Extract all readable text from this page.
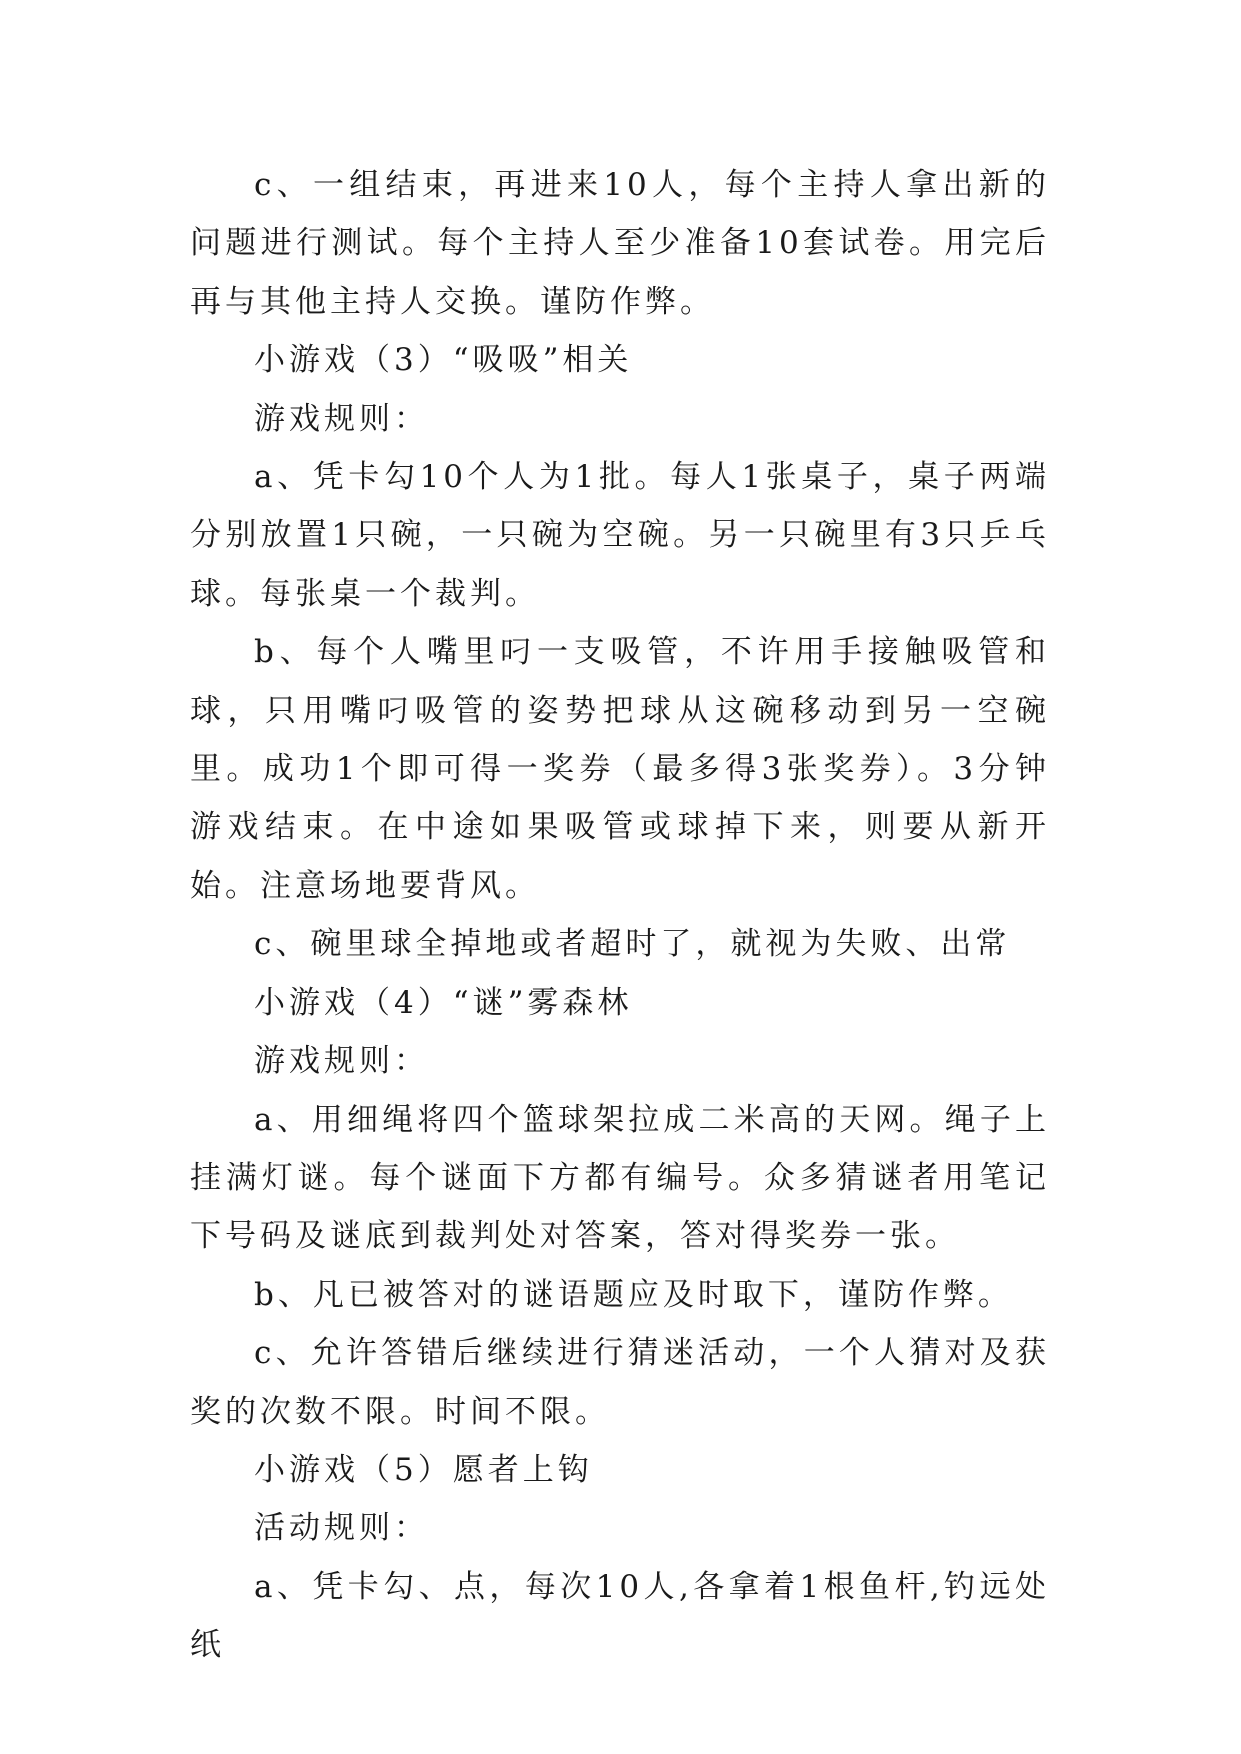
c、一组结束，再进来10人，每个主持人拿出新的问题进行测试。每个主持人至少准备10套试卷。用完后再与其他主持人交换。谨防作弊。

小游戏（3）“吸吸”相关

游戏规则：

a、凭卡勾10个人为1批。每人1张桌子，桌子两端分别放置1只碗，一只碗为空碗。另一只碗里有3只乒乓球。每张桌一个裁判。

b、每个人嘴里叼一支吸管，不许用手接触吸管和球，只用嘴叼吸管的姿势把球从这碗移动到另一空碗里。成功1个即可得一奖券（最多得3张奖券）。3分钟游戏结束。在中途如果吸管或球掉下来，则要从新开始。注意场地要背风。

c、碗里球全掉地或者超时了，就视为失败、出常

小游戏（4）“谜”雾森林

游戏规则：

a、用细绳将四个篮球架拉成二米高的天网。绳子上挂满灯谜。每个谜面下方都有编号。众多猜谜者用笔记下号码及谜底到裁判处对答案，答对得奖券一张。

b、凡已被答对的谜语题应及时取下，谨防作弊。

c、允许答错后继续进行猜迷活动，一个人猜对及获奖的次数不限。时间不限。

小游戏（5）愿者上钩

活动规则：

a、凭卡勾、点，每次10人,各拿着1根鱼杆,钓远处纸
